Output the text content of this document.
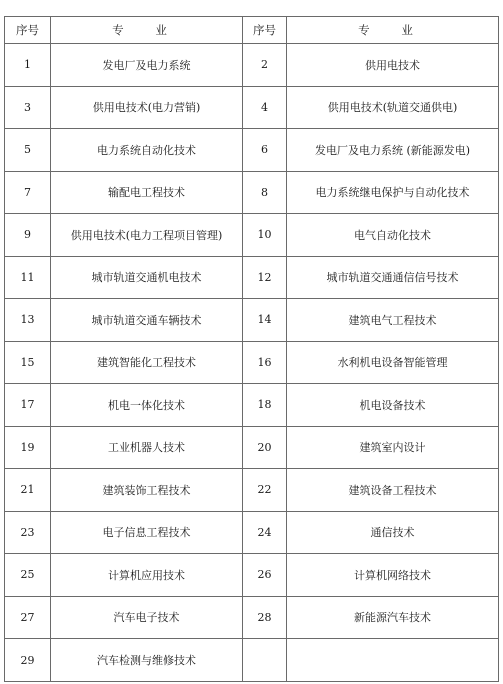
序号	专 业	序号	专 业
1	发电厂及电力系统	2	供用电技术
3	供用电技术(电力营销)	4	供用电技术(轨道交通供电)
5	电力系统自动化技术	6	发电厂及电力系统 (新能源发电)
7	输配电工程技术	8	电力系统继电保护与自动化技术
9	供用电技术(电力工程项目管理)	10	电气自动化技术
11	城市轨道交通机电技术	12	城市轨道交通通信信号技术
13	城市轨道交通车辆技术	14	建筑电气工程技术
15	建筑智能化工程技术	16	水利机电设备智能管理
17	机电一体化技术	18	机电设备技术
19	工业机器人技术	20	建筑室内设计
21	建筑装饰工程技术	22	建筑设备工程技术
23	电子信息工程技术	24	通信技术
25	计算机应用技术	26	计算机网络技术
27	汽车电子技术	28	新能源汽车技术
29	汽车检测与维修技术		
